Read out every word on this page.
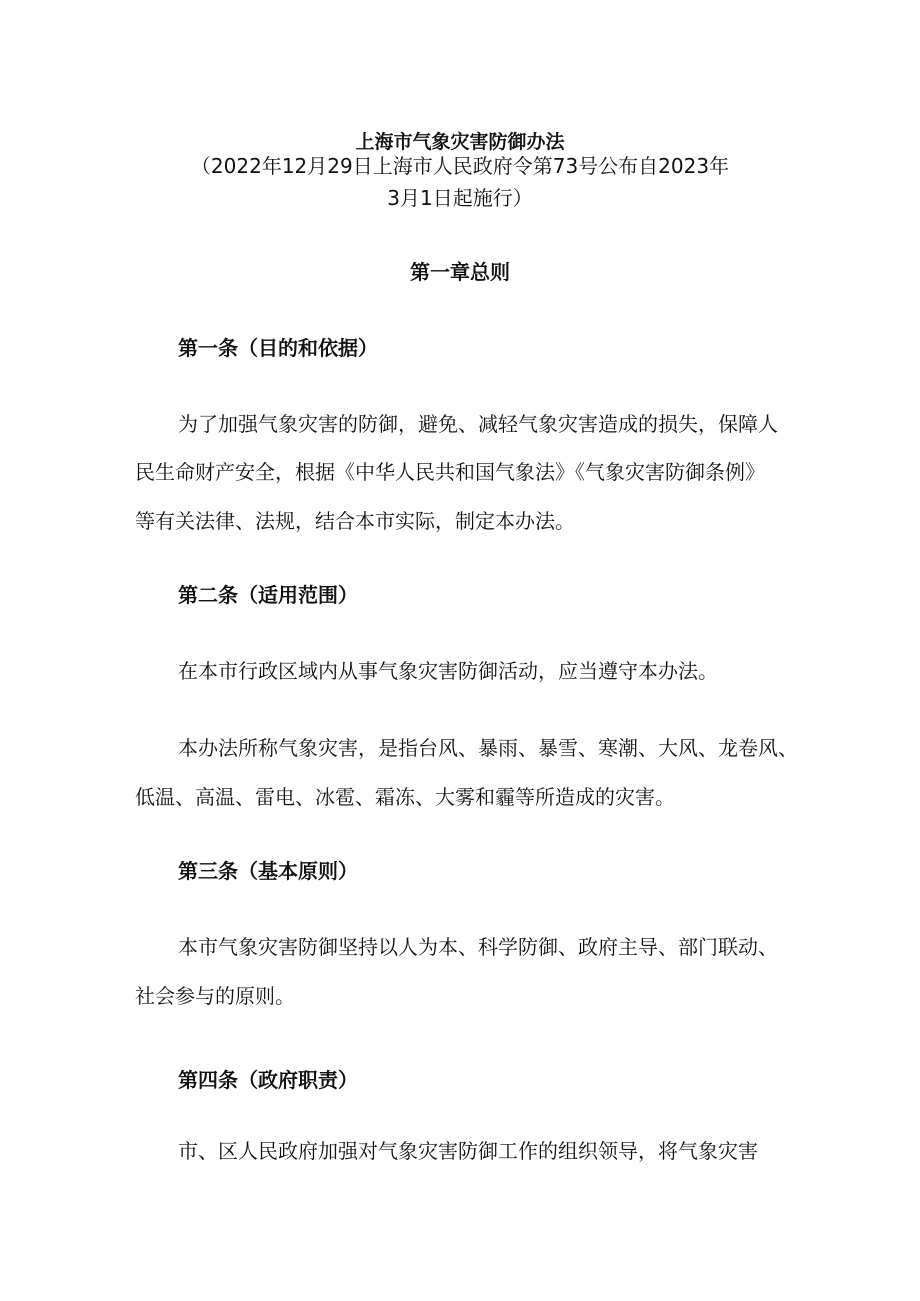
上海市气象灾害防御办法

（2022年12月29日上海市人民政府令第73号公布自2023年

3月1日起施行）

第一章总则

第一条（目的和依据）

为了加强气象灾害的防御，避免、减轻气象灾害造成的损失，保障人

民生命财产安全，根据《中华人民共和国气象法》《气象灾害防御条例》

等有关法律、法规，结合本市实际，制定本办法。

第二条（适用范围）

在本市行政区域内从事气象灾害防御活动，应当遵守本办法。

本办法所称气象灾害，是指台风、暴雨、暴雪、寒潮、大风、龙卷风、

低温、高温、雷电、冰雹、霜冻、大雾和霾等所造成的灾害。

第三条（基本原则）

本市气象灾害防御坚持以人为本、科学防御、政府主导、部门联动、

社会参与的原则。

第四条（政府职责）

市、区人民政府加强对气象灾害防御工作的组织领导，将气象灾害
